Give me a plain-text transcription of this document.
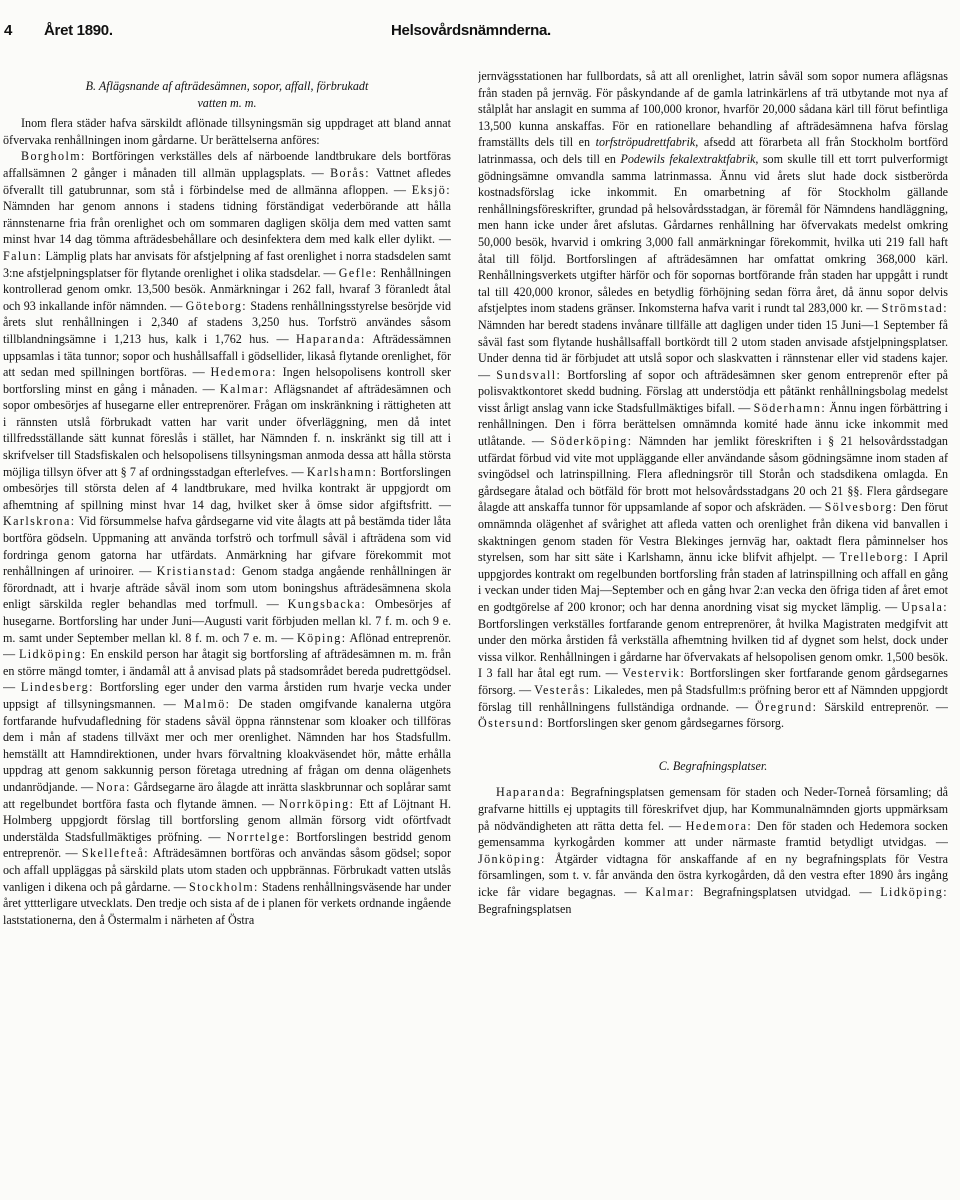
4 Året 1890.	Helsovårdsnämnderna.
B. Aflägsnande af afträdesämnen, sopor, affall, förbrukadt
vatten m. m.

Inom flera städer hafva särskildt aflönade tillsyningsmän sig uppdraget att bland annat öfvervaka renhållningen inom gårdarne. Ur berättelserna anföres:

Borgholm: Bortföringen verkställes dels af närboende landtbrukare dels bortföras affallsämnen 2 gånger i månaden till allmän upplagsplats. — Borås: Vattnet afledes öfverallt till gatubrunnar, som stå i förbindelse med de allmänna afloppen. — Eksjö: Nämnden har genom annons i stadens tidning förständigat vederbörande att hålla rännstenarne fria från orenlighet och om sommaren dagligen skölja dem med vatten samt minst hvar 14 dag tömma afträdesbehållare och desinfektera dem med kalk eller dylikt. — Falun: Lämplig plats har anvisats för afstjelpning af fast orenlighet i norra stadsdelen samt 3:ne afstjelpningsplatser för flytande orenlighet i olika stadsdelar. — Gefle: Renhållningen kontrollerad genom omkr. 13,500 besök. Anmärkningar i 262 fall, hvaraf 3 föranledt åtal och 93 inkallande inför nämnden. — Göteborg: Stadens renhållningsstyrelse besörjde vid årets slut renhållningen i 2,340 af stadens 3,250 hus. Torfströ användes såsom tillblandningsämne i 1,213 hus, kalk i 1,762 hus. — Haparanda: Afträdessämnen uppsamlas i täta tunnor; sopor och hushållsaffall i gödsellider, likaså flytande orenlighet, för att sedan med spillningen bortföras. — Hedemora: Ingen helsopolisens kontroll sker bortforsling minst en gång i månaden. — Kalmar: Aflägsnandet af afträdesämnen och sopor ombesörjes af husegarne eller entreprenörer. Frågan om inskränkning i rättigheten att i rännsten utslå förbrukadt vatten har varit under öfverläggning, men då intet tillfredsställande sätt kunnat föreslås i stället, har Nämnden f. n. inskränkt sig till att i skrifvelser till Stadsfiskalen och helsopolisens tillsyningsman anmoda dessa att hålla största möjliga tillsyn öfver att § 7 af ordningsstadgan efterlefves. — Karlshamn: Bortforslingen ombesörjes till största delen af 4 landtbrukare, med hvilka kontrakt är uppgjordt om afhemtning af spillning minst hvar 14 dag, hvilket sker å ömse sidor afgiftsfritt. — Karlskrona: Vid försummelse hafva gårdsegarne vid vite ålagts att på bestämda tider låta bortföra gödseln. Uppmaning att använda torfströ och torfmull såväl i afträdena som vid fordringa genom gatorna har utfärdats. Anmärkning har gifvare förekommit mot renhållningen af urinoirer. — Kristianstad: Genom stadga angående renhållningen är förordnadt, att i hvarje afträde såväl inom som utom boningshus afträdesämnena skola enligt särskilda regler behandlas med torfmull. — Kungsbacka: Ombesörjes af husegarne. Bortforsling har under Juni—Augusti varit förbjuden mellan kl. 7 f. m. och 9 e. m. samt under September mellan kl. 8 f. m. och 7 e. m. — Köping: Aflönad entreprenör. — Lidköping: En enskild person har åtagit sig bortforsling af afträdesämnen m. m. från en större mängd tomter, i ändamål att å anvisad plats på stadsområdet bereda pudrettgödsel. — Lindesberg: Bortforsling eger under den varma årstiden rum hvarje vecka under uppsigt af tillsyningsmannen. — Malmö: De staden omgifvande kanalerna utgöra fortfarande hufvudafledning för stadens såväl öppna rännstenar som kloaker och tillföras dem i mån af stadens tillväxt mer och mer orenlighet. Nämnden har hos Stadsfullm. hemställt att Hamndirektionen, under hvars förvaltning kloakväsendet hör, måtte erhålla uppdrag att genom sakkunnig person företaga utredning af frågan om denna olägenhets undanrödjande. — Nora: Gårdsegarne äro ålagde att inrätta slaskbrunnar och soplårar samt att regelbundet bortföra fasta och flytande ämnen. — Norrköping: Ett af Löjtnant H. Holmberg uppgjordt förslag till bortforsling genom allmän försorg vidt oförtfvadt understälda Stadsfullmäktiges pröfning. — Norrtelge: Bortforslingen bestridd genom entreprenör. — Skellefteå: Afträdesämnen bortföras och användas såsom gödsel; sopor och affall uppläggas på särskild plats utom staden och uppbrännas. Förbrukadt vatten utslås vanligen i dikena och på gårdarne. — Stockholm: Stadens renhållningsväsende har under året yttterligare utvecklats. Den tredje och sista af de i planen för verkets ordnande ingående laststationerna, den å Östermalm i närheten af Östra

jernvägsstationen har fullbordats, så att all orenlighet, latrin såväl som sopor numera aflägsnas från staden på jernväg. För påskyndande af de gamla latrinkärlens af trä utbytande mot nya af stålplåt har anslagit en summa af 100,000 kronor, hvarför 20,000 sådana kärl till förut befintliga 13,500 kunna anskaffas. För en rationellare behandling af afträdesämnena hafva förslag framställts dels till en torfströpudrettfabrik, afsedd att förarbeta all från Stockholm bortförd latrinmassa, och dels till en Podewils fekalextraktfabrik, som skulle till ett torrt pulverformigt gödningsämne omvandla samma latrinmassa. Ännu vid årets slut hade dock sistberörda kostnadsförslag icke inkommit. En omarbetning af för Stockholm gällande renhållningsföreskrifter, grundad på helsovårdsstadgan, är föremål för Nämndens handläggning, men hann icke under året afslutas. Gårdarnes renhållning har öfvervakats medelst omkring 50,000 besök, hvarvid i omkring 3,000 fall anmärkningar förekommit, hvilka uti 219 fall haft åtal till följd. Bortforslingen af afträdesämnen har omfattat omkring 368,000 kärl. Renhållningsverkets utgifter härför och för sopornas bortförande från staden har uppgått i rundt tal till 420,000 kronor, således en betydlig förhöjning sedan förra året, då ännu sopor delvis afstjelptes inom stadens gränser. Inkomsterna hafva varit i rundt tal 283,000 kr. — Strömstad: Nämnden har beredt stadens invånare tillfälle att dagligen under tiden 15 Juni—1 September få såväl fast som flytande hushållsaffall bortkördt till 2 utom staden anvisade afstjelpningsplatser. Under denna tid är förbjudet att utslå sopor och slaskvatten i rännstenar eller vid stadens kajer. — Sundsvall: Bortforsling af sopor och afträdesämnen sker genom entreprenör efter på polisvaktkontoret skedd budning. Förslag att understödja ett påtänkt renhållningsbolag medelst visst årligt anslag vann icke Stadsfullmäktiges bifall. — Söderhamn: Ännu ingen förbättring i renhållningen. Den i förra berättelsen omnämnda komité hade ännu icke inkommit med utlåtande. — Söderköping: Nämnden har jemlikt föreskriften i § 21 helsovårdsstadgan utfärdat förbud vid vite mot uppläggande eller användande såsom gödningsämne inom staden af svingödsel och latrinspillning. Flera afledningsrör till Storån och stadsdikena omlagda. En gårdsegare åtalad och bötfäld för brott mot helsovårdsstadgans 20 och 21 §§. Flera gårdsegare ålagde att anskaffa tunnor för uppsamlande af sopor och afskräden. — Sölvesborg: Den förut omnämnda olägenhet af svårighet att afleda vatten och orenlighet från dikena vid banvallen i skaktningen genom staden för Vestra Blekinges jernväg har, oaktadt flera påminnelser hos styrelsen, som har sitt säte i Karlshamn, ännu icke blifvit afhjelpt. — Trelleborg: I April uppgjordes kontrakt om regelbunden bortforsling från staden af latrinspillning och affall en gång i veckan under tiden Maj—September och en gång hvar 2:an vecka den öfriga tiden af året emot en godtgörelse af 200 kronor; och har denna anordning visat sig mycket lämplig. — Upsala: Bortforslingen verkställes fortfarande genom entreprenörer, åt hvilka Magistraten medgifvit att under den mörka årstiden få verkställa afhemtning hvilken tid af dygnet som helst, dock under vissa vilkor. Renhållningen i gårdarne har öfvervakats af helsopolisen genom omkr. 1,500 besök. I 3 fall har åtal egt rum. — Vestervik: Bortforslingen sker fortfarande genom gårdsegarnes försorg. — Vesterås: Likaledes, men på Stadsfullm:s pröfning beror ett af Nämnden uppgjordt förslag till renhållningens fullständiga ordnande. — Öregrund: Särskild entreprenör. — Östersund: Bortforslingen sker genom gårdsegarnes försorg.

C. Begrafningsplatser.

Haparanda: Begrafningsplatsen gemensam för staden och Neder-Torneå församling; då grafvarne hittills ej upptagits till föreskrifvet djup, har Kommunalnämnden gjorts uppmärksam på nödvändigheten att rätta detta fel. — Hedemora: Den för staden och Hedemora socken gemensamma kyrkogården kommer att under närmaste framtid betydligt utvidgas. — Jönköping: Åtgärder vidtagna för anskaffande af en ny begrafningsplats för Vestra församlingen, som t. v. får använda den östra kyrkogården, då den vestra efter 1890 års ingång icke får vidare begagnas. — Kalmar: Begrafningsplatsen utvidgad. — Lidköping: Begrafningsplatsen
